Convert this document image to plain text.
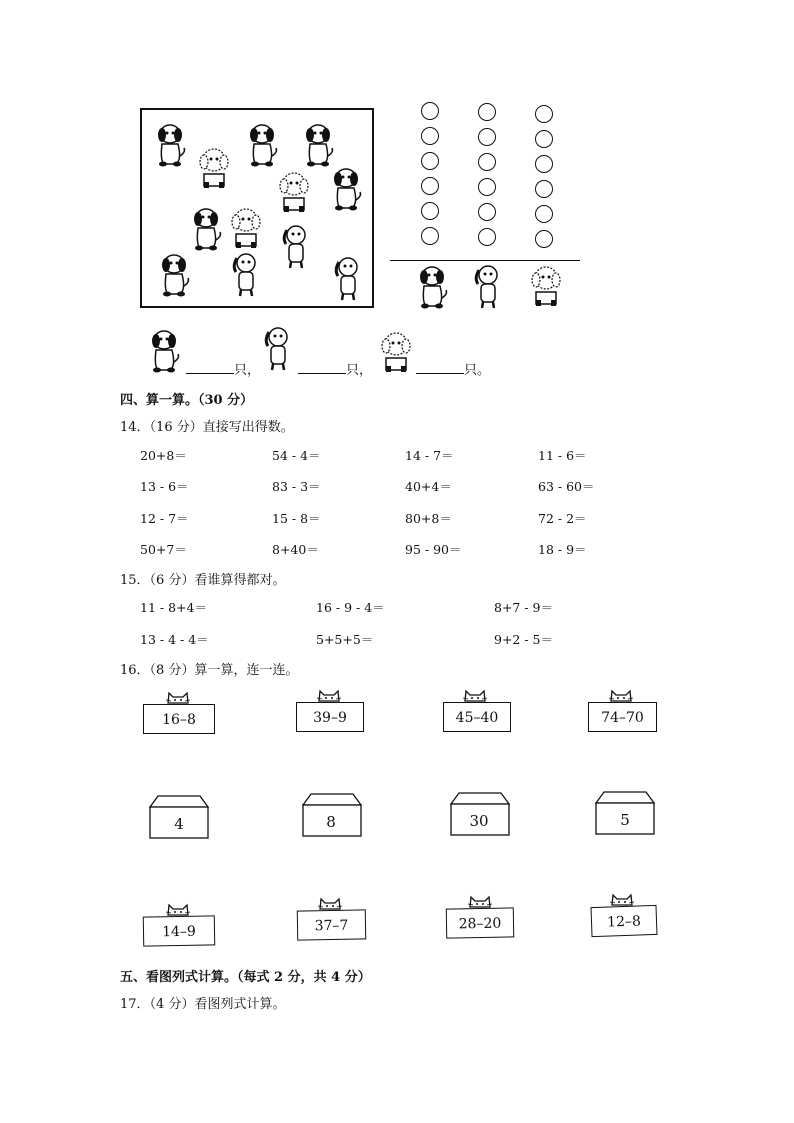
只，	只，	只。
四、算一算。（30 分）
14．（16 分）直接写出得数。
20+8＝	54 - 4＝	14 - 7＝	11 - 6＝
13 - 6＝	83 - 3＝	40+4＝	63 - 60＝
12 - 7＝	15 - 8＝	80+8＝	72 - 2＝
50+7＝	8+40＝	95 - 90＝	18 - 9＝
15．（6 分）看谁算得都对。
11 - 8+4＝	16 - 9 - 4＝	8+7 - 9＝
13 - 4 - 4＝	5+5+5＝	9+2 - 5＝
16．（8 分）算一算，连一连。
16–8	39–9	45–40	74–70
4	8	30	5
14–9	37–7	28–20	12–8
五、看图列式计算。（每式 2 分，共 4 分）
17．（4 分）看图列式计算。
